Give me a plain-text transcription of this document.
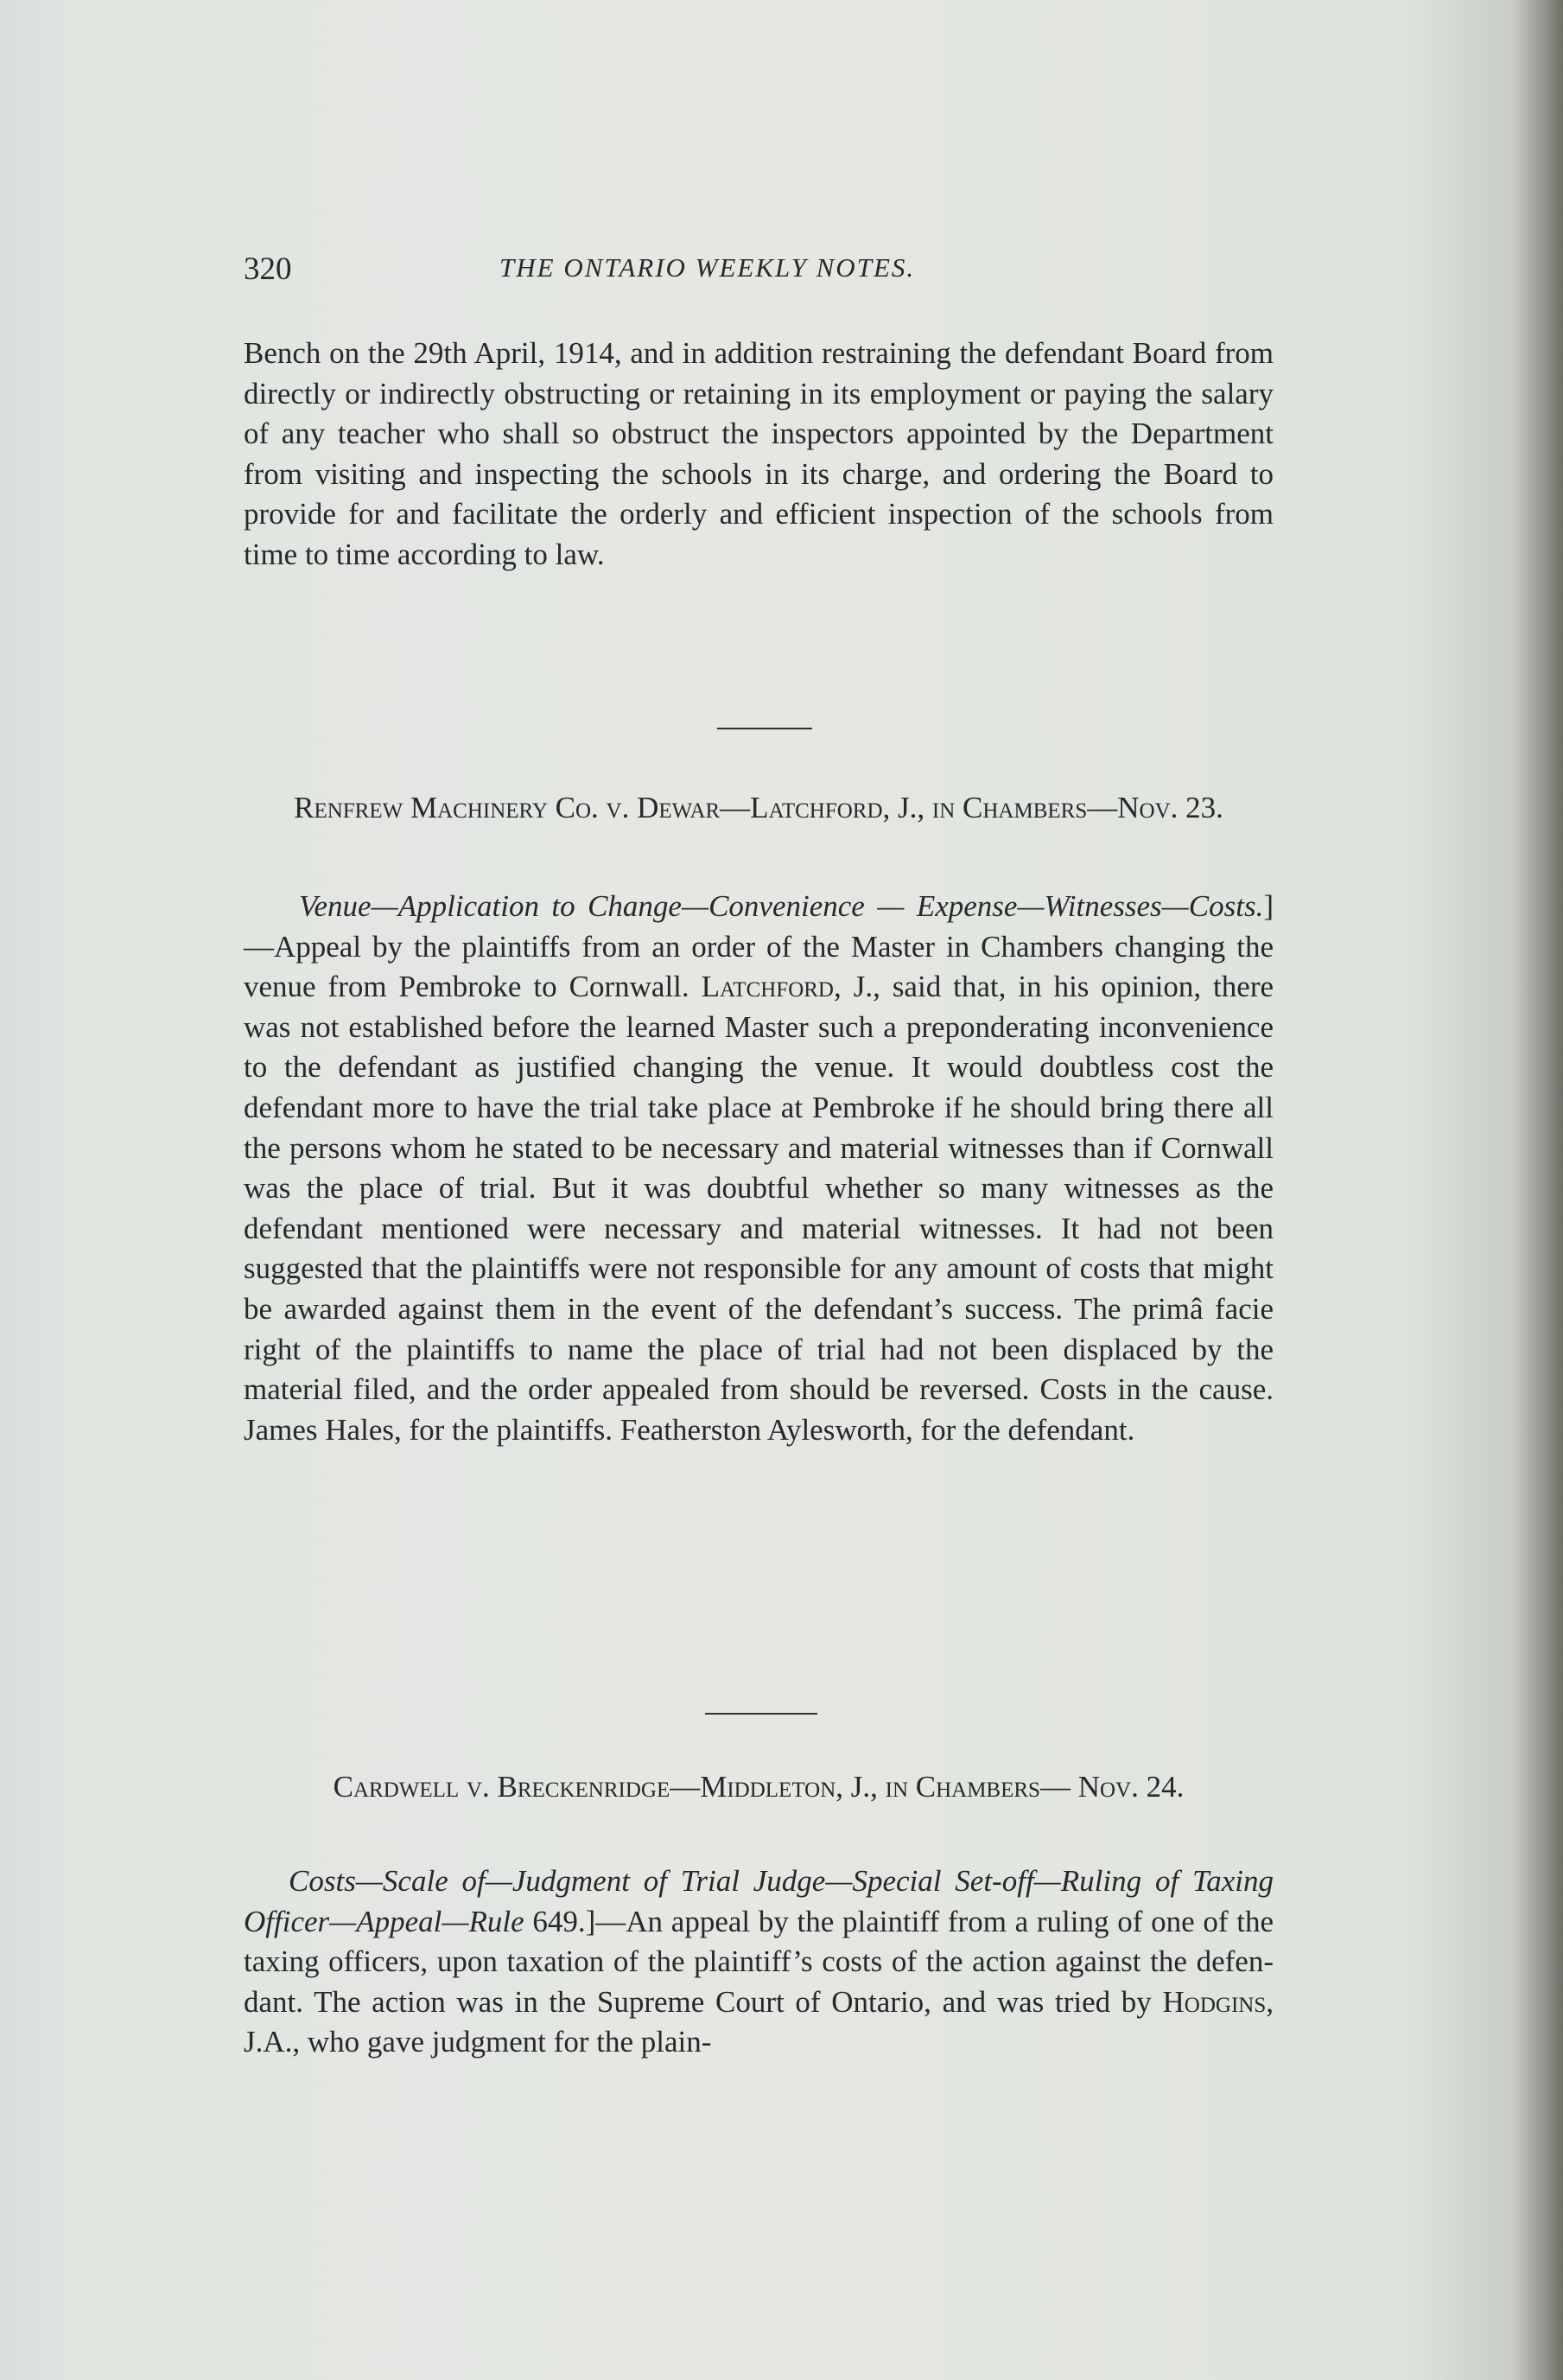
320	THE ONTARIO WEEKLY NOTES.

Bench on the 29th April, 1914, and in addition restraining the defendant Board from directly or indirectly obstructing or retaining in its employment or paying the salary of any teacher who shall so obstruct the inspectors appointed by the Department from visiting and inspecting the schools in its charge, and ordering the Board to provide for and facilitate the orderly and efficient inspection of the schools from time to time according to law.

Renfrew Machinery Co. v. Dewar—Latchford, J., in Chambers—Nov. 23.

Venue—Application to Change—Convenience — Expense—Witnesses—Costs.]—Appeal by the plaintiffs from an order of the Master in Chambers changing the venue from Pembroke to Cornwall. Latchford, J., said that, in his opinion, there was not established before the learned Master such a preponderating inconvenience to the defendant as justified changing the venue. It would doubtless cost the defendant more to have the trial take place at Pembroke if he should bring there all the persons whom he stated to be necessary and material witnesses than if Cornwall was the place of trial. But it was doubtful whether so many witnesses as the defendant mentioned were necessary and material witnesses. It had not been suggested that the plaintiffs were not responsible for any amount of costs that might be awarded against them in the event of the defendant’s success. The primâ facie right of the plaintiffs to name the place of trial had not been displaced by the material filed, and the order appealed from should be reversed. Costs in the cause. James Hales, for the plaintiffs. Featherston Aylesworth, for the defendant.

Cardwell v. Breckenridge—Middleton, J., in Chambers— Nov. 24.

Costs—Scale of—Judgment of Trial Judge—Special Set-off—Ruling of Taxing Officer—Appeal—Rule 649.]—An appeal by the plaintiff from a ruling of one of the taxing officers, upon taxation of the plaintiff’s costs of the action against the defendant. The action was in the Supreme Court of Ontario, and was tried by Hodgins, J.A., who gave judgment for the plain-
